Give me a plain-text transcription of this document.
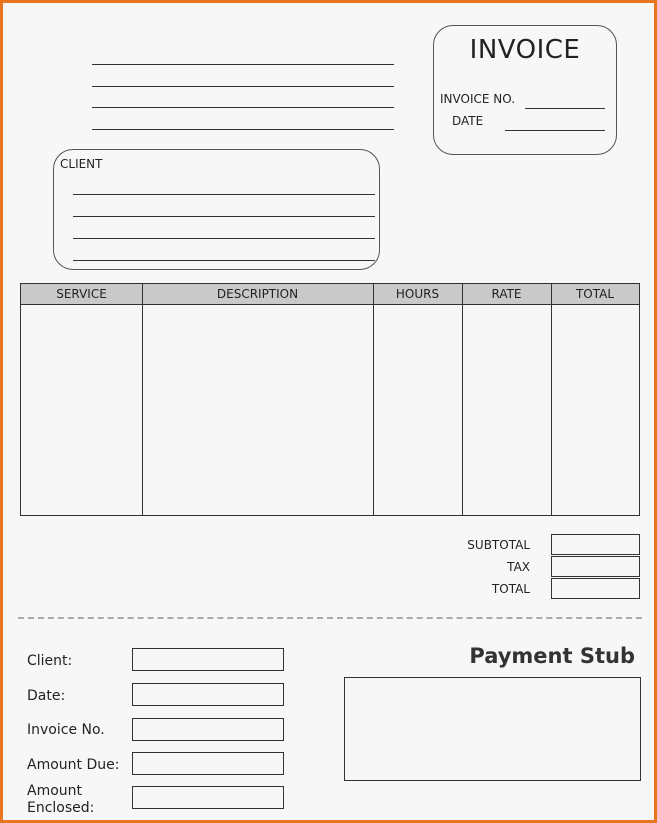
INVOICE
INVOICE NO.
DATE
CLIENT
SERVICE	DESCRIPTION	HOURS	RATE	TOTAL
SUBTOTAL
TAX
TOTAL
Payment Stub
Client:
Date:
Invoice No.
Amount Due:
Amount
Enclosed:
